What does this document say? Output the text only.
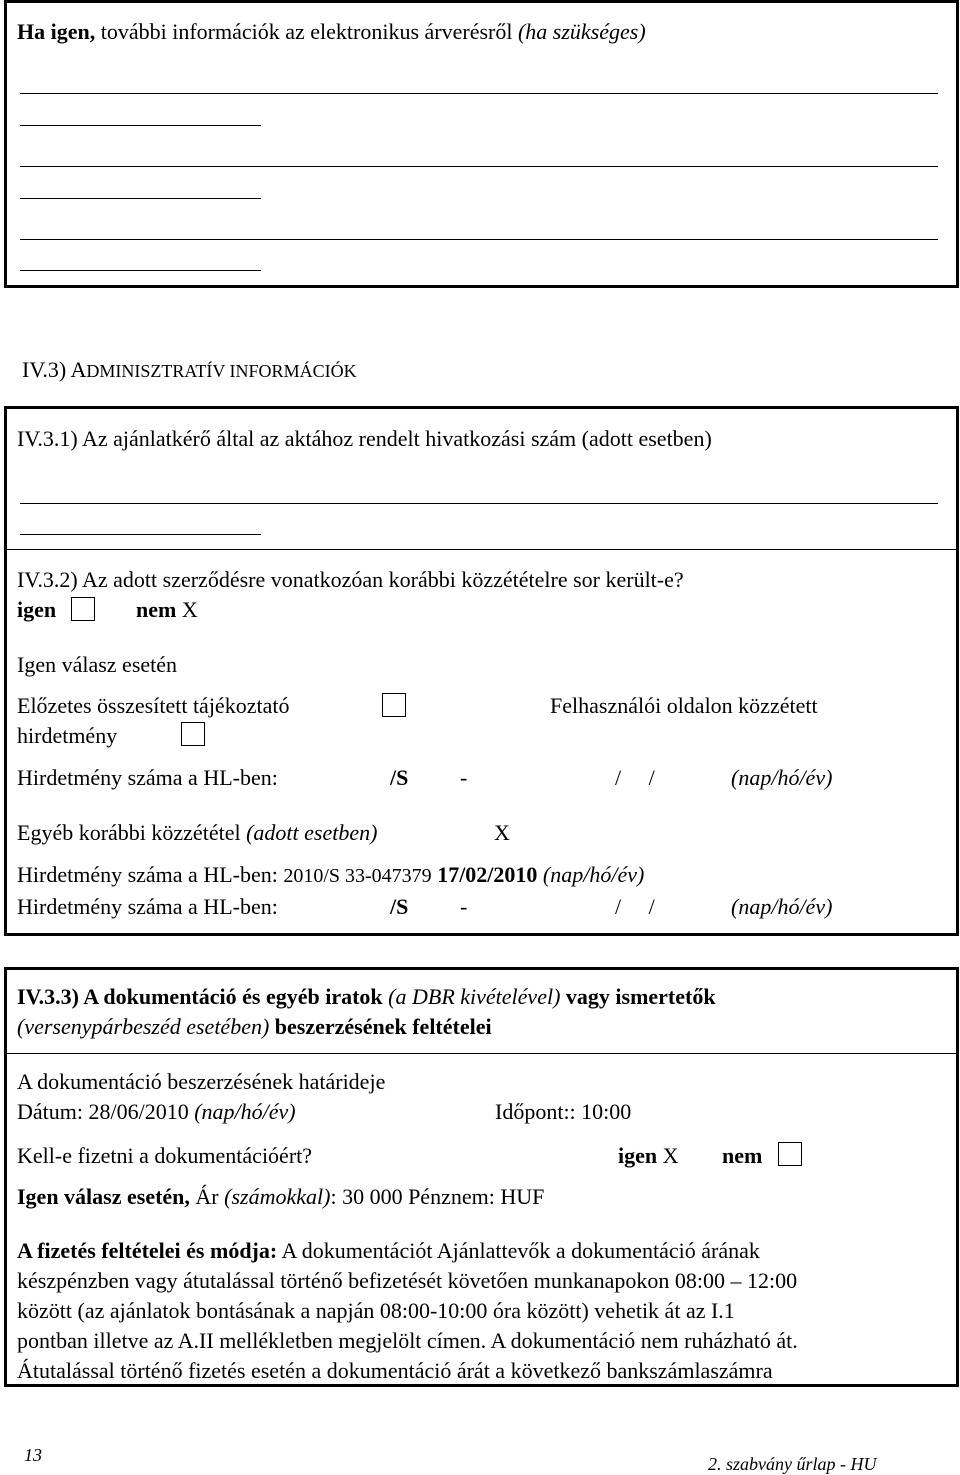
Ha igen, további információk az elektronikus árverésről (ha szükséges)
IV.3) ADMINISZTRATÍV INFORMÁCIÓK
IV.3.1) Az ajánlatkérő által az aktához rendelt hivatkozási szám (adott esetben)
IV.3.2) Az adott szerződésre vonatkozóan korábbi közzétételre sor került-e?
igen	nem X
Igen válasz esetén
Előzetes összesített tájékoztató	Felhasználói oldalon közzétett
hirdetmény
Hirdetmény száma a HL-ben:	/S -	/     /	(nap/hó/év)
Egyéb korábbi közzététel (adott esetben)	X
Hirdetmény száma a HL-ben: 2010/S 33-047379 17/02/2010 (nap/hó/év)
Hirdetmény száma a HL-ben:	/S -	/     /	(nap/hó/év)
IV.3.3) A dokumentáció és egyéb iratok (a DBR kivételével) vagy ismertetők
(versenypárbeszéd esetében) beszerzésének feltételei
A dokumentáció beszerzésének határideje
Dátum: 28/06/2010 (nap/hó/év)	Időpont:: 10:00
Kell-e fizetni a dokumentációért?	igen X nem
Igen válasz esetén, Ár (számokkal): 30 000 Pénznem: HUF
A fizetés feltételei és módja: A dokumentációt Ajánlattevők a dokumentáció árának
készpénzben vagy átutalással történő befizetését követően munkanapokon 08:00 – 12:00
között (az ajánlatok bontásának a napján 08:00-10:00 óra között) vehetik át az I.1
pontban illetve az A.II mellékletben megjelölt címen. A dokumentáció nem ruházható át.
Átutalással történő fizetés esetén a dokumentáció árát a következő bankszámlaszámra
13	2. szabvány űrlap - HU
